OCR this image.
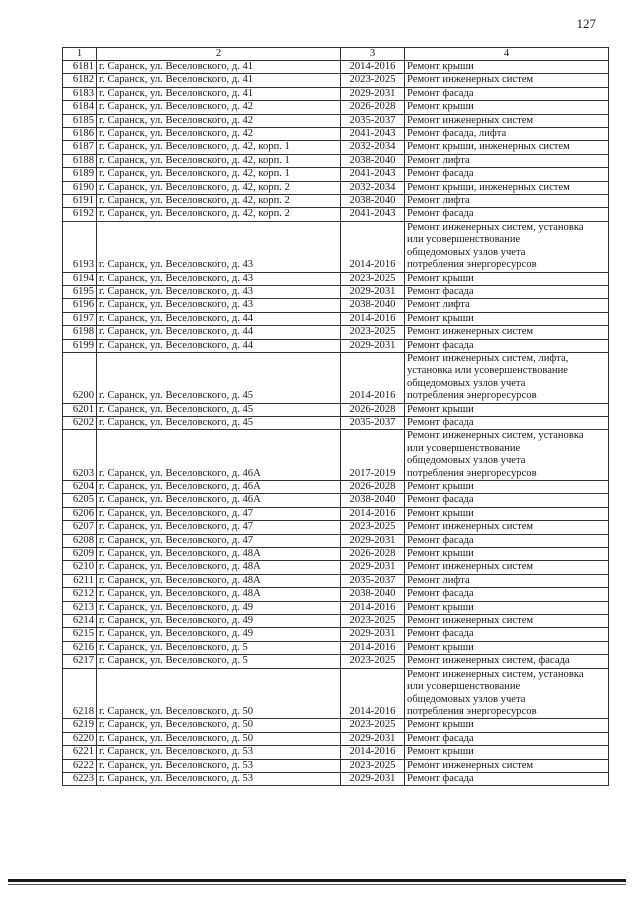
127
1	2	3	4
6181	г. Саранск, ул. Веселовского, д. 41	2014-2016	Ремонт крыши

6182	г. Саранск, ул. Веселовского, д. 41	2023-2025	Ремонт инженерных систем

6183	г. Саранск, ул. Веселовского, д. 41	2029-2031	Ремонт фасада

6184	г. Саранск, ул. Веселовского, д. 42	2026-2028	Ремонт крыши

6185	г. Саранск, ул. Веселовского, д. 42	2035-2037	Ремонт инженерных систем

6186	г. Саранск, ул. Веселовского, д. 42	2041-2043	Ремонт фасада, лифта

6187	г. Саранск, ул. Веселовского, д. 42, корп. 1	2032-2034	Ремонт крыши, инженерных систем

6188	г. Саранск, ул. Веселовского, д. 42, корп. 1	2038-2040	Ремонт лифта

6189	г. Саранск, ул. Веселовского, д. 42, корп. 1	2041-2043	Ремонт фасада

6190	г. Саранск, ул. Веселовского, д. 42, корп. 2	2032-2034	Ремонт крыши, инженерных систем

6191	г. Саранск, ул. Веселовского, д. 42, корп. 2	2038-2040	Ремонт лифта

6192	г. Саранск, ул. Веселовского, д. 42, корп. 2	2041-2043	Ремонт фасада

6193	г. Саранск, ул. Веселовского, д. 43	2014-2016	Ремонт инженерных систем, установка
или усовершенствование
общедомовых узлов учета
потребления энергоресурсов

6194	г. Саранск, ул. Веселовского, д. 43	2023-2025	Ремонт крыши

6195	г. Саранск, ул. Веселовского, д. 43	2029-2031	Ремонт фасада

6196	г. Саранск, ул. Веселовского, д. 43	2038-2040	Ремонт лифта

6197	г. Саранск, ул. Веселовского, д. 44	2014-2016	Ремонт крыши

6198	г. Саранск, ул. Веселовского, д. 44	2023-2025	Ремонт инженерных систем

6199	г. Саранск, ул. Веселовского, д. 44	2029-2031	Ремонт фасада

6200	г. Саранск, ул. Веселовского, д. 45	2014-2016	Ремонт инженерных систем, лифта,
установка или усовершенствование
общедомовых узлов учета
потребления энергоресурсов

6201	г. Саранск, ул. Веселовского, д. 45	2026-2028	Ремонт крыши

6202	г. Саранск, ул. Веселовского, д. 45	2035-2037	Ремонт фасада

6203	г. Саранск, ул. Веселовского, д. 46А	2017-2019	Ремонт инженерных систем, установка
или усовершенствование
общедомовых узлов учета
потребления энергоресурсов

6204	г. Саранск, ул. Веселовского, д. 46А	2026-2028	Ремонт крыши

6205	г. Саранск, ул. Веселовского, д. 46А	2038-2040	Ремонт фасада

6206	г. Саранск, ул. Веселовского, д. 47	2014-2016	Ремонт крыши

6207	г. Саранск, ул. Веселовского, д. 47	2023-2025	Ремонт инженерных систем

6208	г. Саранск, ул. Веселовского, д. 47	2029-2031	Ремонт фасада

6209	г. Саранск, ул. Веселовского, д. 48А	2026-2028	Ремонт крыши

6210	г. Саранск, ул. Веселовского, д. 48А	2029-2031	Ремонт инженерных систем

6211	г. Саранск, ул. Веселовского, д. 48А	2035-2037	Ремонт лифта

6212	г. Саранск, ул. Веселовского, д. 48А	2038-2040	Ремонт фасада

6213	г. Саранск, ул. Веселовского, д. 49	2014-2016	Ремонт крыши

6214	г. Саранск, ул. Веселовского, д. 49	2023-2025	Ремонт инженерных систем

6215	г. Саранск, ул. Веселовского, д. 49	2029-2031	Ремонт фасада

6216	г. Саранск, ул. Веселовского, д. 5	2014-2016	Ремонт крыши

6217	г. Саранск, ул. Веселовского, д. 5	2023-2025	Ремонт инженерных систем, фасада

6218	г. Саранск, ул. Веселовского, д. 50	2014-2016	Ремонт инженерных систем, установка
или усовершенствование
общедомовых узлов учета
потребления энергоресурсов

6219	г. Саранск, ул. Веселовского, д. 50	2023-2025	Ремонт крыши

6220	г. Саранск, ул. Веселовского, д. 50	2029-2031	Ремонт фасада

6221	г. Саранск, ул. Веселовского, д. 53	2014-2016	Ремонт крыши

6222	г. Саранск, ул. Веселовского, д. 53	2023-2025	Ремонт инженерных систем

6223	г. Саранск, ул. Веселовского, д. 53	2029-2031	Ремонт фасада
